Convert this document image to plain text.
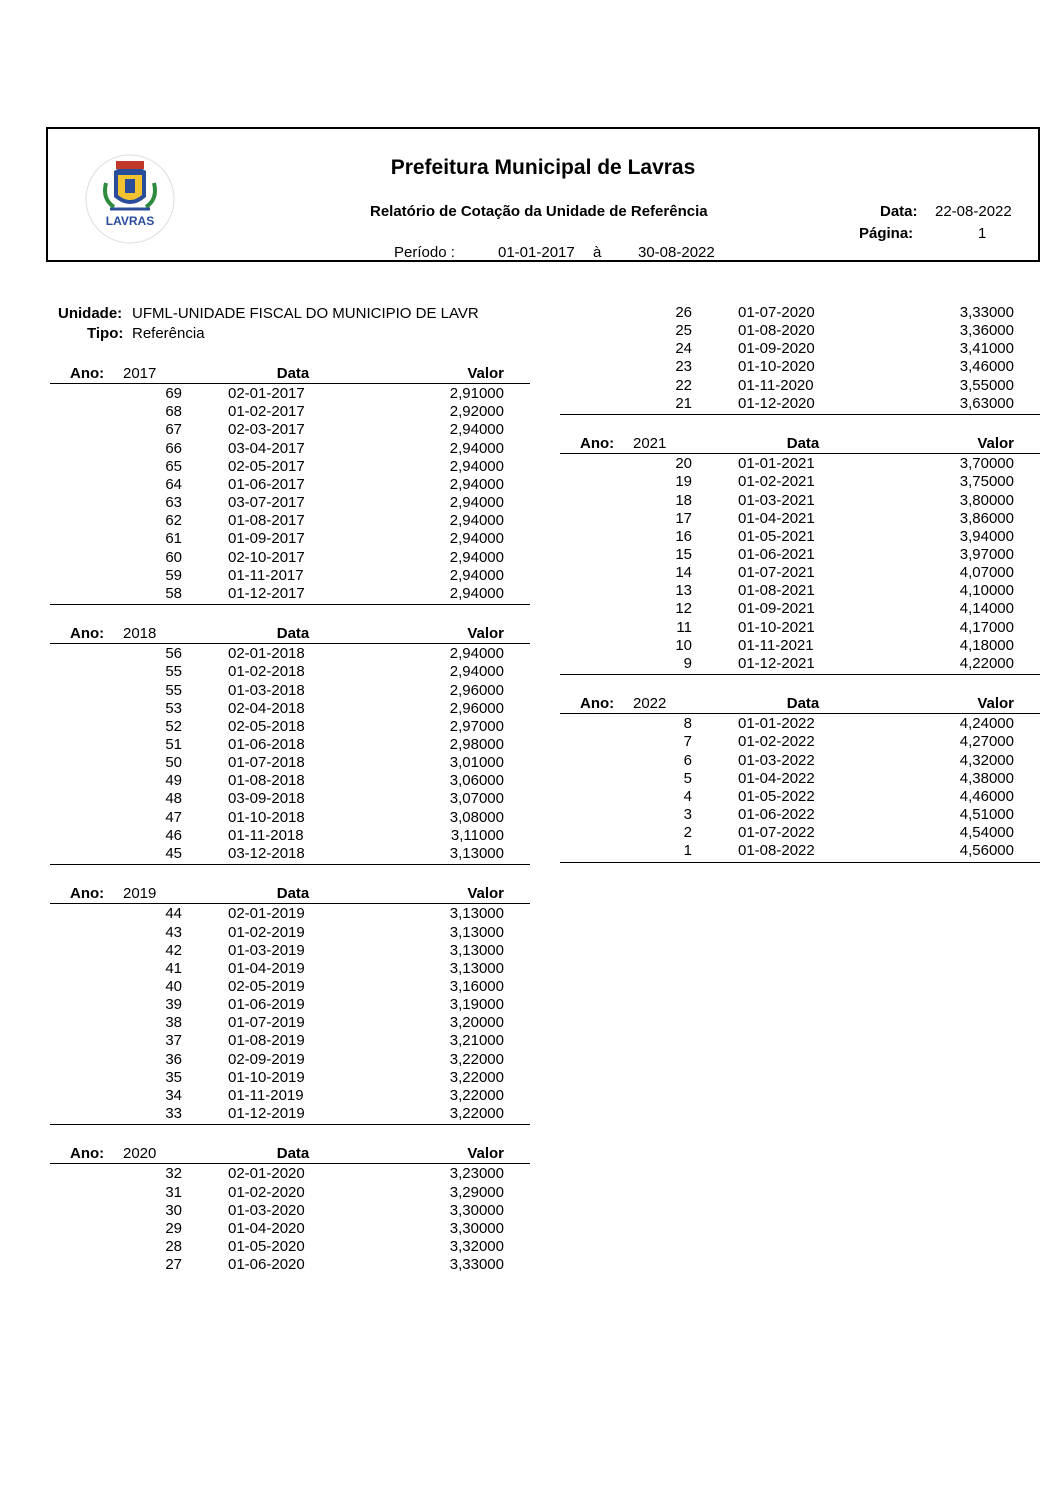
LAVRAS
Prefeitura Municipal de Lavras
Relatório de Cotação da Unidade de Referência	Data: 22-08-2022
Página:	1
Período :	01-01-2017 à 30-08-2022
Unidade: UFML-UNIDADE FISCAL DO MUNICIPIO DE LAVR
Tipo: Referência
Ano: 2017	Data	Valor
69	02-01-2017	2,91000
68	01-02-2017	2,92000
67	02-03-2017	2,94000
66	03-04-2017	2,94000
65	02-05-2017	2,94000
64	01-06-2017	2,94000
63	03-07-2017	2,94000
62	01-08-2017	2,94000
61	01-09-2017	2,94000
60	02-10-2017	2,94000
59	01-11-2017	2,94000
58	01-12-2017	2,94000
Ano: 2018	Data	Valor
56	02-01-2018	2,94000
55	01-02-2018	2,94000
55	01-03-2018	2,96000
53	02-04-2018	2,96000
52	02-05-2018	2,97000
51	01-06-2018	2,98000
50	01-07-2018	3,01000
49	01-08-2018	3,06000
48	03-09-2018	3,07000
47	01-10-2018	3,08000
46	01-11-2018	3,11000
45	03-12-2018	3,13000
Ano: 2019	Data	Valor
44	02-01-2019	3,13000
43	01-02-2019	3,13000
42	01-03-2019	3,13000
41	01-04-2019	3,13000
40	02-05-2019	3,16000
39	01-06-2019	3,19000
38	01-07-2019	3,20000
37	01-08-2019	3,21000
36	02-09-2019	3,22000
35	01-10-2019	3,22000
34	01-11-2019	3,22000
33	01-12-2019	3,22000
Ano: 2020	Data	Valor
32	02-01-2020	3,23000
31	01-02-2020	3,29000
30	01-03-2020	3,30000
29	01-04-2020	3,30000
28	01-05-2020	3,32000
27	01-06-2020	3,33000
26	01-07-2020	3,33000
25	01-08-2020	3,36000
24	01-09-2020	3,41000
23	01-10-2020	3,46000
22	01-11-2020	3,55000
21	01-12-2020	3,63000
Ano: 2021	Data	Valor
20	01-01-2021	3,70000
19	01-02-2021	3,75000
18	01-03-2021	3,80000
17	01-04-2021	3,86000
16	01-05-2021	3,94000
15	01-06-2021	3,97000
14	01-07-2021	4,07000
13	01-08-2021	4,10000
12	01-09-2021	4,14000
11	01-10-2021	4,17000
10	01-11-2021	4,18000
9	01-12-2021	4,22000
Ano: 2022	Data	Valor
8	01-01-2022	4,24000
7	01-02-2022	4,27000
6	01-03-2022	4,32000
5	01-04-2022	4,38000
4	01-05-2022	4,46000
3	01-06-2022	4,51000
2	01-07-2022	4,54000
1	01-08-2022	4,56000
